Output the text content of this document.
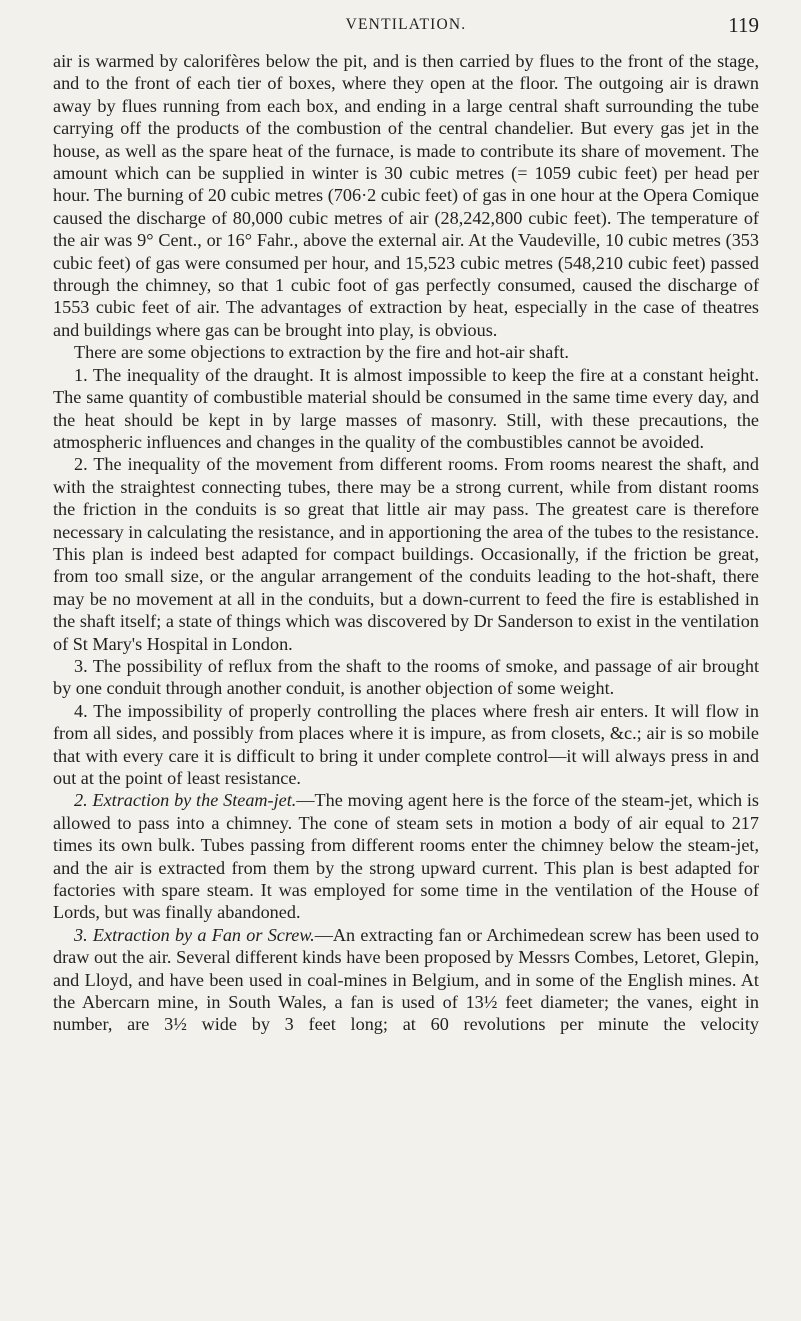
VENTILATION.	119

air is warmed by calorifères below the pit, and is then carried by flues to the front of the stage, and to the front of each tier of boxes, where they open at the floor. The outgoing air is drawn away by flues running from each box, and ending in a large central shaft surrounding the tube carrying off the products of the combustion of the central chandelier. But every gas jet in the house, as well as the spare heat of the furnace, is made to contribute its share of movement. The amount which can be supplied in winter is 30 cubic metres (= 1059 cubic feet) per head per hour. The burning of 20 cubic metres (706·2 cubic feet) of gas in one hour at the Opera Comique caused the discharge of 80,000 cubic metres of air (28,242,800 cubic feet). The temperature of the air was 9° Cent., or 16° Fahr., above the external air. At the Vaudeville, 10 cubic metres (353 cubic feet) of gas were consumed per hour, and 15,523 cubic metres (548,210 cubic feet) passed through the chimney, so that 1 cubic foot of gas perfectly consumed, caused the discharge of 1553 cubic feet of air. The advantages of extraction by heat, especially in the case of theatres and buildings where gas can be brought into play, is obvious.

There are some objections to extraction by the fire and hot-air shaft.

1. The inequality of the draught. It is almost impossible to keep the fire at a constant height. The same quantity of combustible material should be consumed in the same time every day, and the heat should be kept in by large masses of masonry. Still, with these precautions, the atmospheric influences and changes in the quality of the combustibles cannot be avoided.

2. The inequality of the movement from different rooms. From rooms nearest the shaft, and with the straightest connecting tubes, there may be a strong current, while from distant rooms the friction in the conduits is so great that little air may pass. The greatest care is therefore necessary in calculating the resistance, and in apportioning the area of the tubes to the resistance. This plan is indeed best adapted for compact buildings. Occasionally, if the friction be great, from too small size, or the angular arrangement of the conduits leading to the hot-shaft, there may be no movement at all in the conduits, but a down-current to feed the fire is established in the shaft itself; a state of things which was discovered by Dr Sanderson to exist in the ventilation of St Mary's Hospital in London.

3. The possibility of reflux from the shaft to the rooms of smoke, and passage of air brought by one conduit through another conduit, is another objection of some weight.

4. The impossibility of properly controlling the places where fresh air enters. It will flow in from all sides, and possibly from places where it is impure, as from closets, &c.; air is so mobile that with every care it is difficult to bring it under complete control—it will always press in and out at the point of least resistance.

2. Extraction by the Steam-jet.—The moving agent here is the force of the steam-jet, which is allowed to pass into a chimney. The cone of steam sets in motion a body of air equal to 217 times its own bulk. Tubes passing from different rooms enter the chimney below the steam-jet, and the air is extracted from them by the strong upward current. This plan is best adapted for factories with spare steam. It was employed for some time in the ventilation of the House of Lords, but was finally abandoned.

3. Extraction by a Fan or Screw.—An extracting fan or Archimedean screw has been used to draw out the air. Several different kinds have been proposed by Messrs Combes, Letoret, Glepin, and Lloyd, and have been used in coal-mines in Belgium, and in some of the English mines. At the Abercarn mine, in South Wales, a fan is used of 13½ feet diameter; the vanes, eight in number, are 3½ wide by 3 feet long; at 60 revolutions per minute the velocity
